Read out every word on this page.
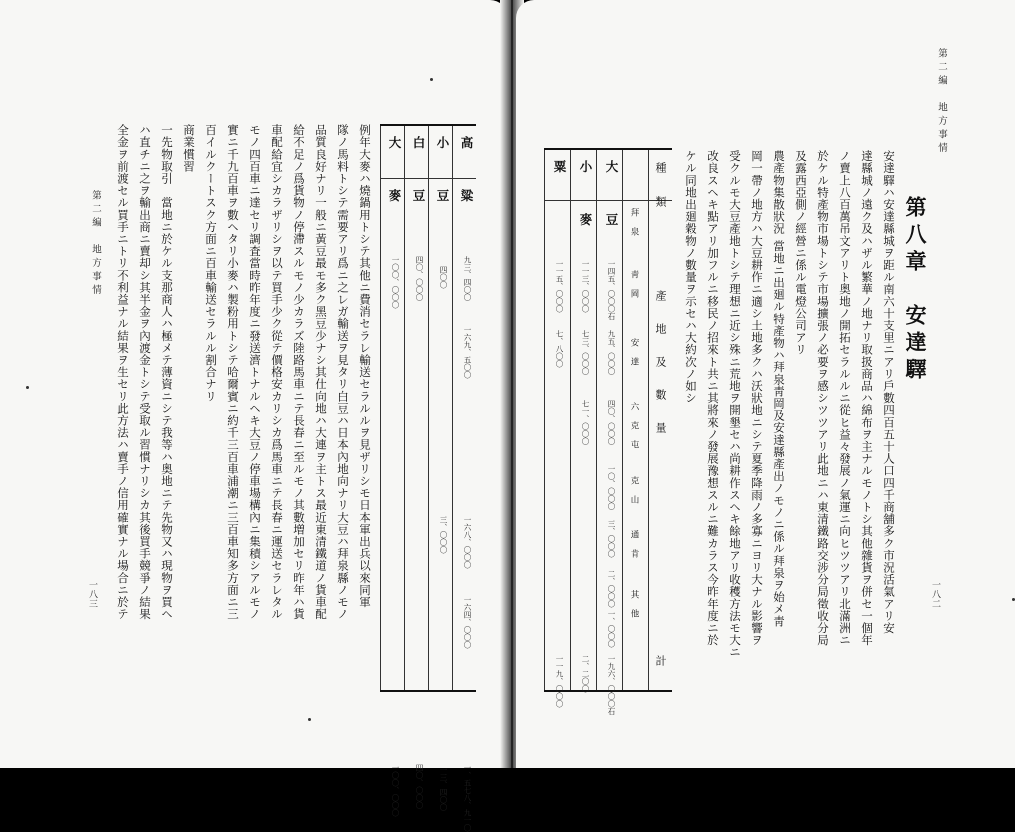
第二編　地方事情
一八三 全金ヲ前渡セル買手ニトリ不利益ナル結果ヲ生セリ此方法ハ賣手ノ信用確實ナル場合ニ於テ ハ直チニ之ヲ輸出商ニ賣却シ其半金ヲ內渡金トシテ受取ル習慣ナリシカ其後買手競爭ノ結果 一先物取引　當地ニ於ケル支那商人ハ極メテ薄資ニシテ我等ハ奥地ニテ先物又ハ現物ヲ買ヘ 商業慣習 百イルクートスク方面ニ百車輸送セラルル割合ナリ 實ニ千九百車ヲ數ヘタリ小麥ハ製粉用トシテ哈爾賓ニ約千三百車浦潮ニ三百車知多方面ニ三 モノ四百車ニ達セリ調査當時昨年度ニ發送濟トナルヘキ大豆ノ停車場構內ニ集積シアルモノ 車配給宜シカラザリシヲ以テ買手少ク從テ價格安カリシカ爲馬車ニテ長春ニ運送セラレタル 給不足ノ爲貨物ノ停滯スルモノ少カラズ陸路馬車ニテ長春ニ至ルモノ其數増加セリ昨年ハ貨 品質良好ナリ一般ニ黃豆最モ多ク黑豆少ナシ其仕向地ハ大連ヲ主トス最近東清鐵道ノ貨車配 隊ノ馬料トシテ需要アリ爲ニ之レガ輸送ヲ見タリ白豆ハ日本內地向ナリ大豆ハ拜泉縣ノモノ 例年大麥ハ燒鍋用トシテ其他ニ費消セラレ輸送セラルルヲ見ザリシモ日本軍出兵以來同軍	高　粱
小　豆
白　豆
大　麥
九三、四〇〇
一六九、五〇〇
一六八、〇〇〇
一六四、〇〇〇
一、五七八、九一〇
四〇〇
三、〇〇〇
一三、四〇〇
四〇、〇〇〇
四〇、〇〇〇
一〇〇、〇〇〇
一〇〇、〇〇〇
種　類
產地及數量
計
拜　泉
靑　岡
安　達
六　克　屯
克　山
通　肯
其　他
大　豆
小　麥
粟
一四五、〇〇〇石
九五、〇〇〇
四〇、〇〇〇
一〇、〇〇〇
三、〇〇〇
二、〇〇〇
一、〇〇〇
一九六、〇〇〇石
一一三、〇〇〇
七三、〇〇〇
七一、〇〇〇
二、二〇〇
一一五、〇〇〇
七、八〇〇
一一九、〇〇〇
ケル同地出廻穀物ノ數量ヲ示セハ大約次ノ如シ 改良スヘキ點アリ加フルニ移民ノ招來ト共ニ其將來ノ發展豫想スルニ難カラス今昨年度ニ於 受クルモ大豆產地トシテ理想ニ近シ殊ニ荒地ヲ開墾セハ尚耕作スヘキ餘地アリ收穫方法モ大ニ 岡一帶ノ地方ハ大豆耕作ニ適シ土地多クハ沃狀地ニシテ夏季降雨ノ多寡ニヨリ大ナル影響ヲ 　當地ニ出廻ル特產物ハ拜泉靑岡及安達縣產出ノモノニ係ル拜泉ヲ始メ靑
農產物集散狀況 及露西亞側ノ經營ニ係ル電燈公司アリ 於ケル特產物市場トシテ市場擴張ノ必要ヲ感シツツアリ此地ニハ東清鐵路交涉分局徵收分局 ノ賣上八百萬吊文アリト奥地ノ開拓セラルルニ從ヒ益々發展ノ氣運ニ向ヒツツアリ北滿洲ニ 達縣城ノ遠ク及ハザル繁華ノ地ナリ取扱商品ハ綿布ヲ主ナルモノトシ其他雜貨ヲ併セ一個年 安達驛ハ安達縣城ヲ距ル南六十支里ニアリ戶數四百五十人口四千商舖多ク市況活氣アリ安 第八章　安達驛
第二編　地方事情
一八二
